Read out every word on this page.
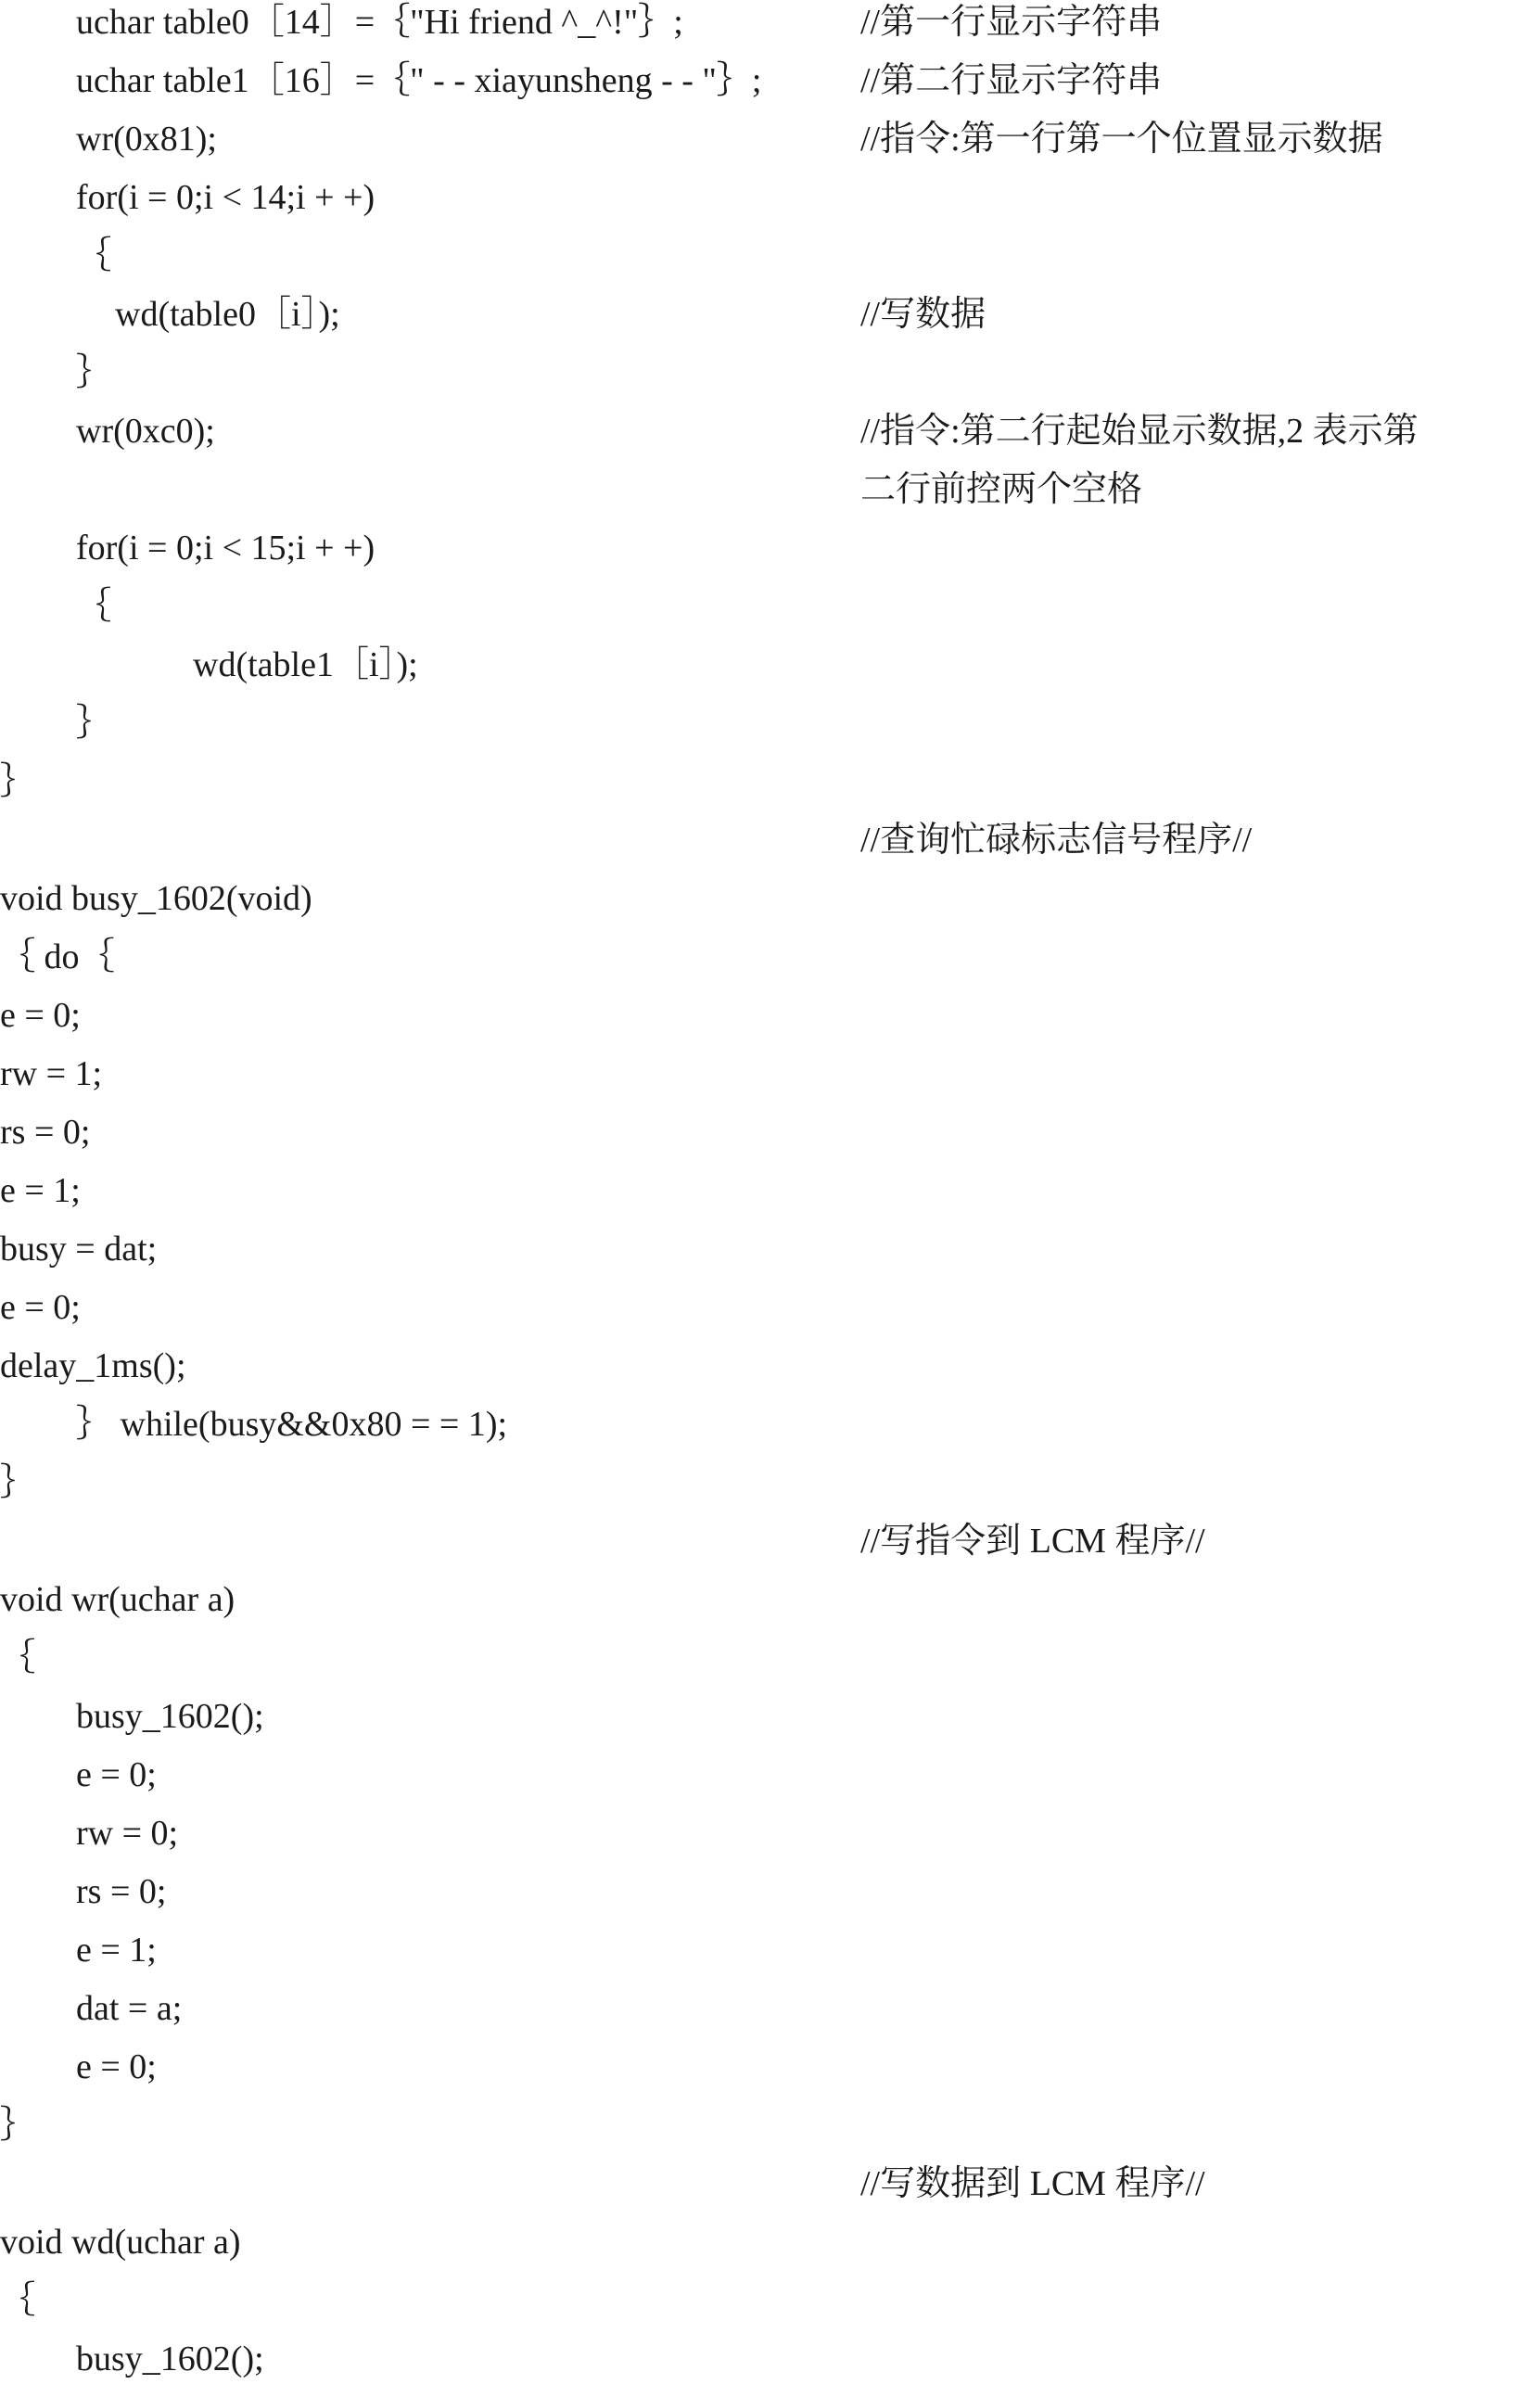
uchar table0［14］=｛"Hi friend ^_^!"｝;	//第一行显示字符串
uchar table1［16］=｛" - - xiayunsheng - - "｝;	//第二行显示字符串
wr(0x81);	//指令:第一行第一个位置显示数据
for(i = 0;i < 14;i + +)
｛
wd(table0［i］);	//写数据
｝
wr(0xc0);	//指令:第二行起始显示数据,2 表示第
二行前控两个空格
for(i = 0;i < 15;i + +)
｛
wd(table1［i］);
｝
｝
//查询忙碌标志信号程序//
void busy_1602(void)
｛ do｛
e = 0;
rw = 1;
rs = 0;
e = 1;
busy = dat;
e = 0;
delay_1ms();
｝ while(busy&&0x80 = = 1);
｝
//写指令到 LCM 程序//
void wr(uchar a)
｛
busy_1602();
e = 0;
rw = 0;
rs = 0;
e = 1;
dat = a;
e = 0;
｝
//写数据到 LCM 程序//
void wd(uchar a)
｛
busy_1602();
